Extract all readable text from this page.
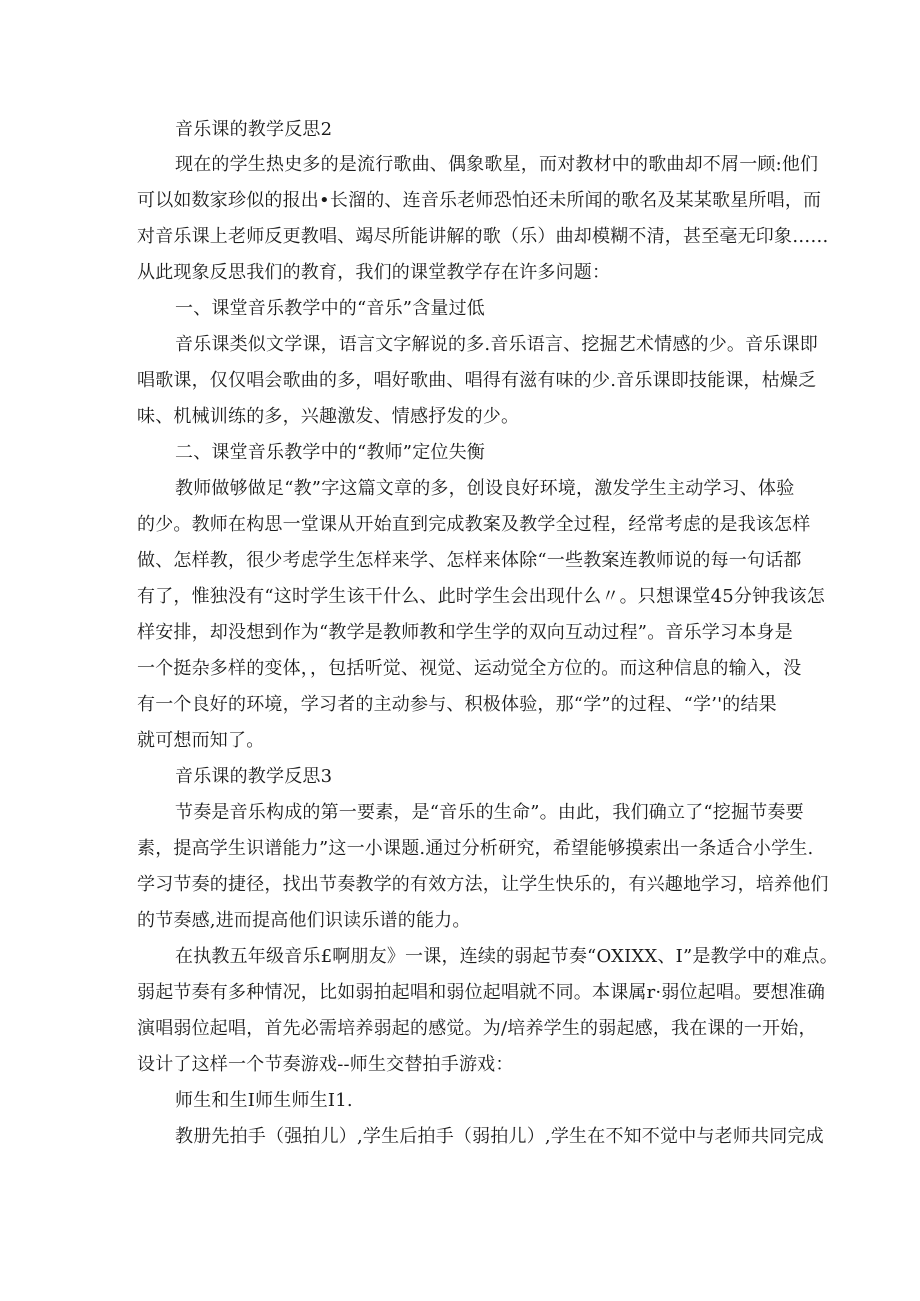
音乐课的教学反思2
现在的学生热史多的是流行歌曲、偶象歌星，而对教材中的歌曲却不屑一顾:他们
可以如数家珍似的报出•长溜的、连音乐老师恐怕还未所闻的歌名及某某歌星所唱，而
对音乐课上老师反更教唱、竭尽所能讲解的歌（乐）曲却模糊不清，甚至毫无印象……
从此现象反思我们的教育，我们的课堂教学存在许多问题：
一、课堂音乐教学中的“音乐”含量过低
音乐课类似文学课，语言文字解说的多.音乐语言、挖掘艺术情感的少。音乐课即
唱歌课，仅仅唱会歌曲的多，唱好歌曲、唱得有滋有味的少.音乐课即技能课，枯燥乏
味、机械训练的多，兴趣激发、情感抒发的少。
二、课堂音乐教学中的“教师”定位失衡
教师做够做足“教”字这篇文章的多，创设良好环境，激发学生主动学习、体验
的少。教师在构思一堂课从开始直到完成教案及教学全过程，经常考虑的是我该怎样
做、怎样教，很少考虑学生怎样来学、怎样来体除“一些教案连教师说的每一句话都
有了，惟独没有“这时学生该干什么、此时学生会出现什么〃。只想课堂45分钟我该怎
样安排，却没想到作为“教学是教师教和学生学的双向互动过程”。音乐学习本身是
一个挺杂多样的变体，，包括听觉、视觉、运动觉全方位的。而这种信息的输入，没
有一个良好的环境，学习者的主动参与、积极体验，那“学”的过程、“学’'的结果
就可想而知了。
音乐课的教学反思3
节奏是音乐构成的第一要素，是“音乐的生命”。由此，我们确立了“挖掘节奏要
素，提高学生识谱能力”这一小课题.通过分析研究，希望能够摸索出一条适合小学生.
学习节奏的捷径，找出节奏教学的有效方法，让学生快乐的，有兴趣地学习，培养他们
的节奏感,进而提高他们识读乐谱的能力。
在执教五年级音乐£啊朋友》一课，连续的弱起节奏“OXIXX、I”是教学中的难点。
弱起节奏有多种情况，比如弱拍起唱和弱位起唱就不同。本课属r·弱位起唱。要想准确
演唱弱位起唱，首先必需培养弱起的感觉。为/培养学生的弱起感，我在课的一开始，
设计了这样一个节奏游戏--师生交替拍手游戏：
师生和生I师生师生I1.
教册先拍手（强拍儿）,学生后拍手（弱拍儿）,学生在不知不觉中与老师共同完成
